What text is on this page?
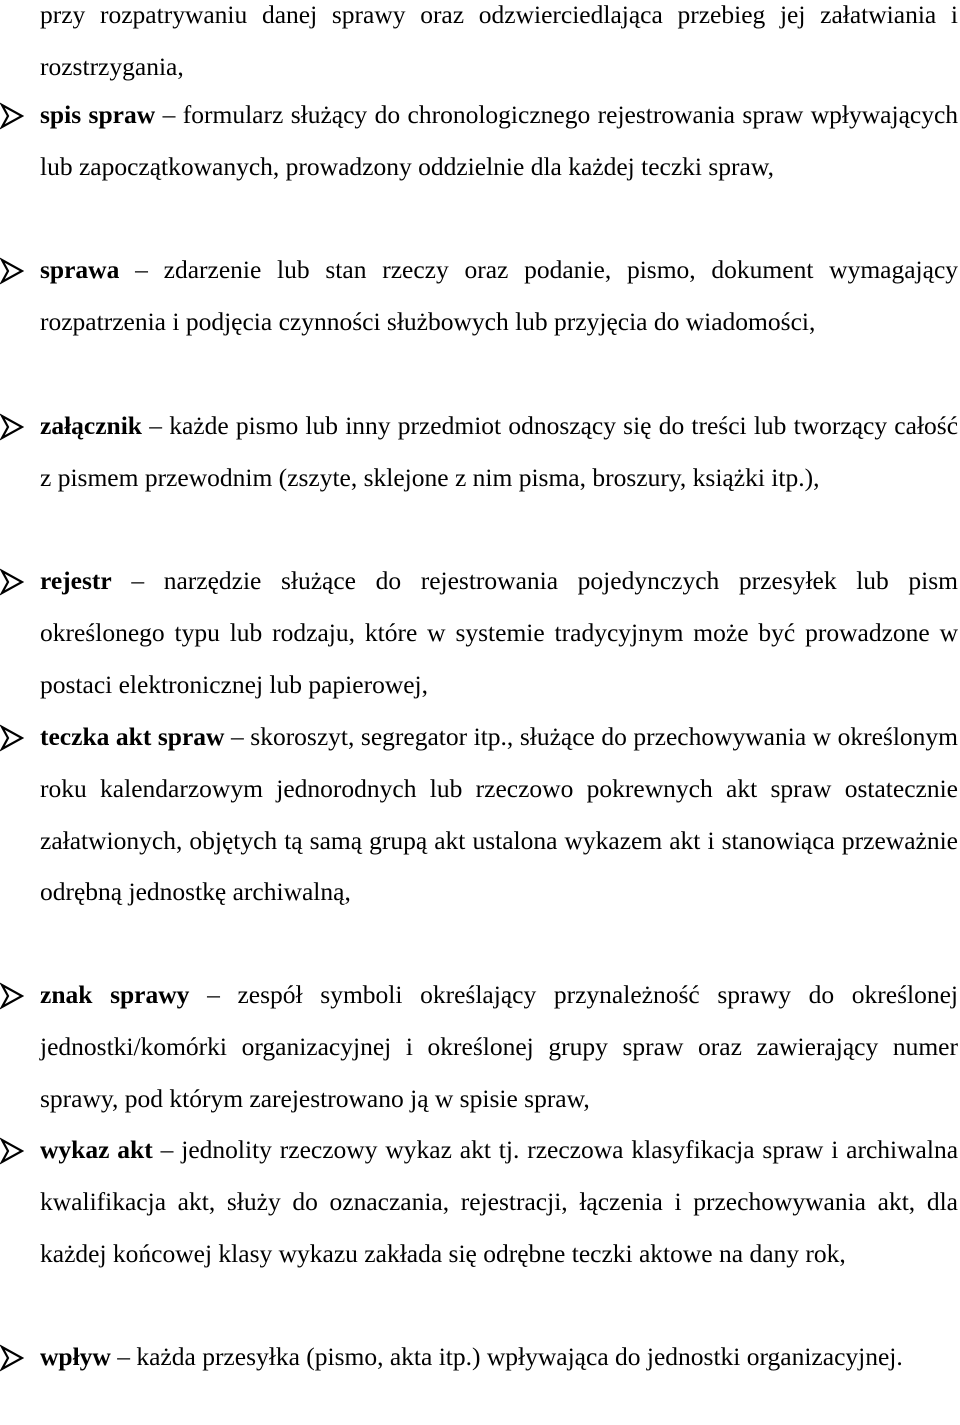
przy rozpatrywaniu danej sprawy oraz odzwierciedlająca przebieg jej załatwiania i rozstrzygania,

spis spraw – formularz służący do chronologicznego rejestrowania spraw wpływających lub zapoczątkowanych, prowadzony oddzielnie dla każdej teczki spraw,

sprawa – zdarzenie lub stan rzeczy oraz podanie, pismo, dokument wymagający rozpatrzenia i podjęcia czynności służbowych lub przyjęcia do wiadomości,

załącznik – każde pismo lub inny przedmiot odnoszący się do treści lub tworzący całość z pismem przewodnim (zszyte, sklejone z nim pisma, broszury, książki itp.),

rejestr – narzędzie służące do rejestrowania pojedynczych przesyłek lub pism określonego typu lub rodzaju, które w systemie tradycyjnym może być prowadzone w postaci elektronicznej lub papierowej,

teczka akt spraw – skoroszyt, segregator itp., służące do przechowywania w określonym roku kalendarzowym jednorodnych lub rzeczowo pokrewnych akt spraw ostatecznie załatwionych, objętych tą samą grupą akt ustalona wykazem akt i stanowiąca przeważnie odrębną jednostkę archiwalną,

znak sprawy – zespół symboli określający przynależność sprawy do określonej jednostki/komórki organizacyjnej i określonej grupy spraw oraz zawierający numer sprawy, pod którym zarejestrowano ją w spisie spraw,

wykaz akt – jednolity rzeczowy wykaz akt tj. rzeczowa klasyfikacja spraw i archiwalna kwalifikacja akt, służy do oznaczania, rejestracji, łączenia i przechowywania akt, dla każdej końcowej klasy wykazu zakłada się odrębne teczki aktowe na dany rok,

wpływ – każda przesyłka (pismo, akta itp.) wpływająca do jednostki organizacyjnej.
